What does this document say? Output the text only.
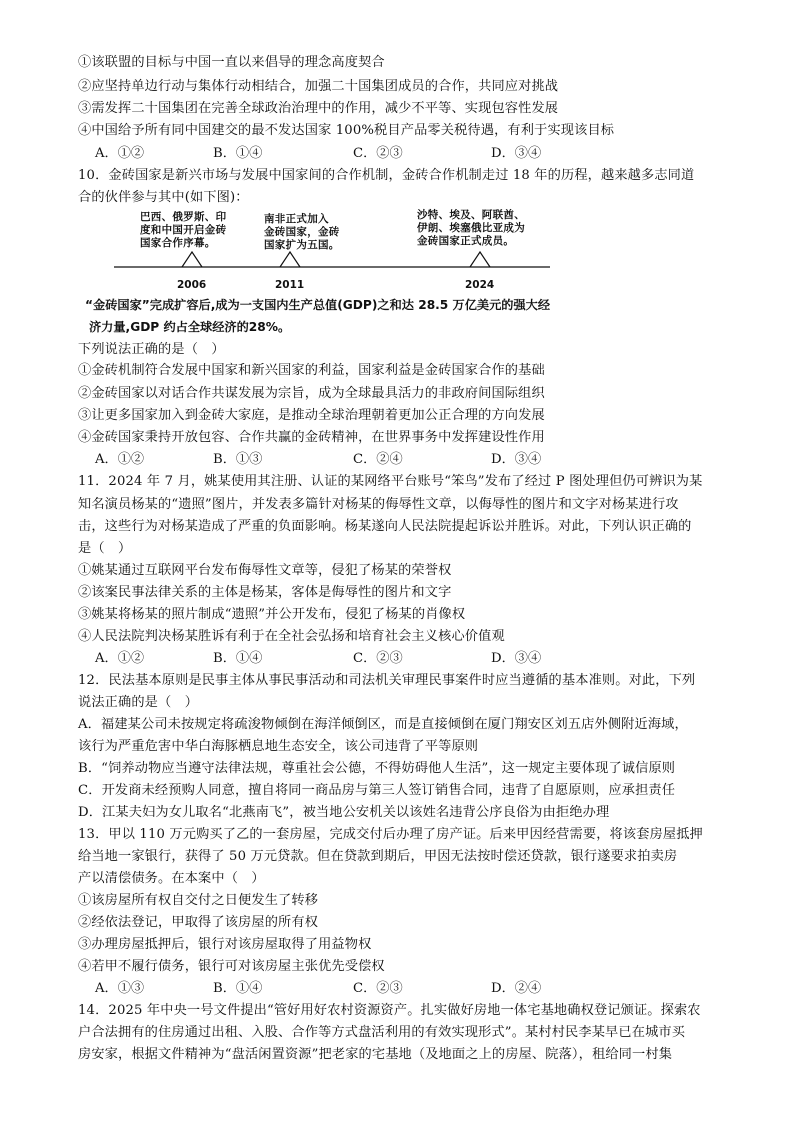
①该联盟的目标与中国一直以来倡导的理念高度契合
②应坚持单边行动与集体行动相结合，加强二十国集团成员的合作，共同应对挑战
③需发挥二十国集团在完善全球政治治理中的作用，减少不平等、实现包容性发展
④中国给予所有同中国建交的最不发达国家 100%税目产品零关税待遇，有利于实现该目标
A．①②	B．①④	C．②③	D．③④
10．金砖国家是新兴市场与发展中国家间的合作机制，金砖合作机制走过 18 年的历程，越来越多志同道
合的伙伴参与其中(如下图)：
巴西、俄罗斯、印
度和中国开启金砖
国家合作序幕。
南非正式加入
金砖国家，金砖
国家扩为五国。
沙特、埃及、阿联酋、
伊朗、埃塞俄比亚成为
金砖国家正式成员。
2006	2011	2024
“金砖国家”完成扩容后,成为一支国内生产总值(GDP)之和达 28.5 万亿美元的强大经
济力量,GDP 约占全球经济的28%。
下列说法正确的是（　）
①金砖机制符合发展中国家和新兴国家的利益，国家利益是金砖国家合作的基础
②金砖国家以对话合作共谋发展为宗旨，成为全球最具活力的非政府间国际组织
③让更多国家加入到金砖大家庭，是推动全球治理朝着更加公正合理的方向发展
④金砖国家秉持开放包容、合作共赢的金砖精神，在世界事务中发挥建设性作用
A．①②	B．①③	C．②④	D．③④
11．2024 年 7 月，姚某使用其注册、认证的某网络平台账号“笨鸟”发布了经过 P 图处理但仍可辨识为某
知名演员杨某的“遗照”图片，并发表多篇针对杨某的侮辱性文章，以侮辱性的图片和文字对杨某进行攻
击，这些行为对杨某造成了严重的负面影响。杨某遂向人民法院提起诉讼并胜诉。对此，下列认识正确的
是（　）
①姚某通过互联网平台发布侮辱性文章等，侵犯了杨某的荣誉权
②该案民事法律关系的主体是杨某，客体是侮辱性的图片和文字
③姚某将杨某的照片制成“遗照”并公开发布，侵犯了杨某的肖像权
④人民法院判决杨某胜诉有利于在全社会弘扬和培育社会主义核心价值观
A．①②	B．①④	C．②③	D．③④
12．民法基本原则是民事主体从事民事活动和司法机关审理民事案件时应当遵循的基本准则。对此，下列
说法正确的是（　）
A．福建某公司未按规定将疏浚物倾倒在海洋倾倒区，而是直接倾倒在厦门翔安区刘五店外侧附近海域，
该行为严重危害中华白海豚栖息地生态安全，该公司违背了平等原则
B．“饲养动物应当遵守法律法规，尊重社会公德，不得妨碍他人生活”，这一规定主要体现了诚信原则
C．开发商未经预购人同意，擅自将同一商品房与第三人签订销售合同，违背了自愿原则，应承担责任
D．江某夫妇为女儿取名“北燕南飞”，被当地公安机关以该姓名违背公序良俗为由拒绝办理
13．甲以 110 万元购买了乙的一套房屋，完成交付后办理了房产证。后来甲因经营需要，将该套房屋抵押
给当地一家银行，获得了 50 万元贷款。但在贷款到期后，甲因无法按时偿还贷款，银行遂要求拍卖房
产以清偿债务。在本案中（　）
①该房屋所有权自交付之日便发生了转移
②经依法登记，甲取得了该房屋的所有权
③办理房屋抵押后，银行对该房屋取得了用益物权
④若甲不履行债务，银行可对该房屋主张优先受偿权
A．①③	B．①④	C．②③	D．②④
14．2025 年中央一号文件提出“管好用好农村资源资产。扎实做好房地一体宅基地确权登记颁证。探索农
户合法拥有的住房通过出租、入股、合作等方式盘活利用的有效实现形式”。某村村民李某早已在城市买
房安家，根据文件精神为“盘活闲置资源”把老家的宅基地（及地面之上的房屋、院落），租给同一村集
